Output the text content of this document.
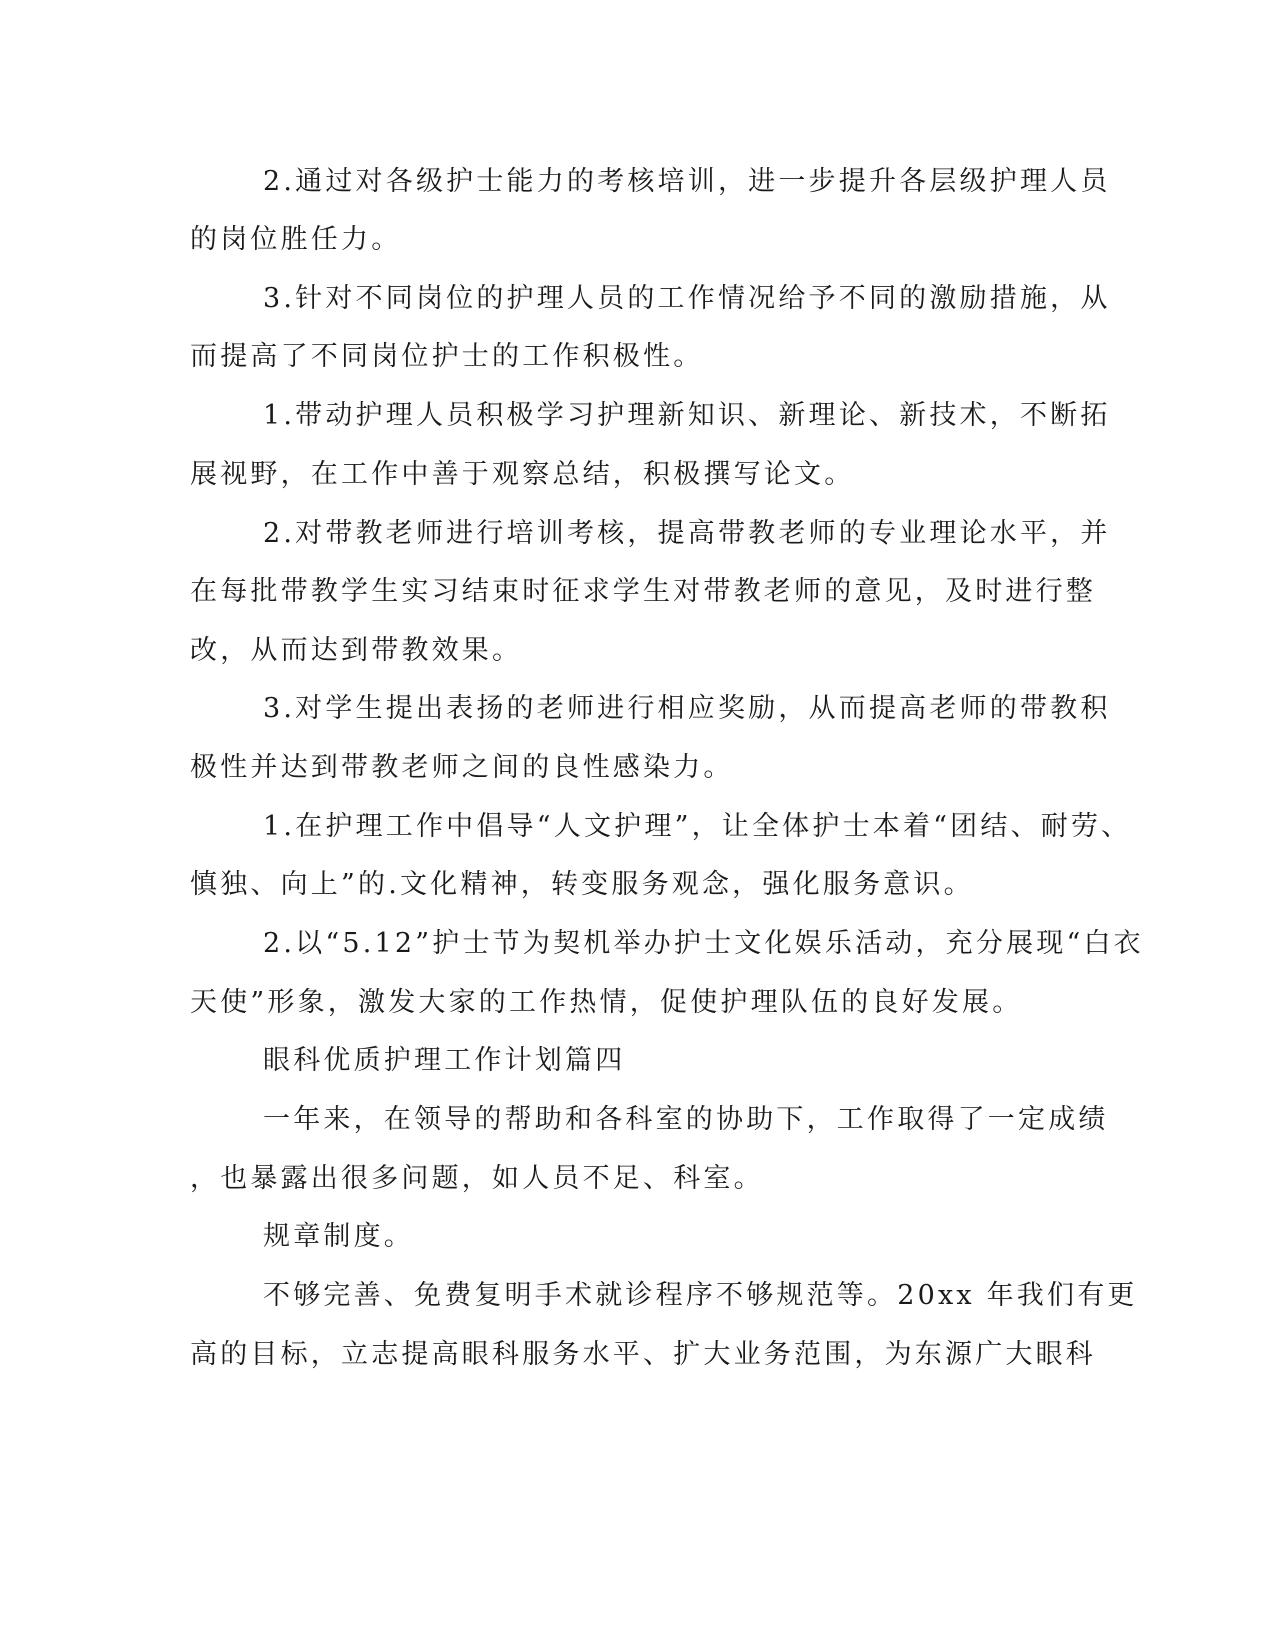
2.通过对各级护士能力的考核培训，进一步提升各层级护理人员

的岗位胜任力。

3.针对不同岗位的护理人员的工作情况给予不同的激励措施，从

而提高了不同岗位护士的工作积极性。

1.带动护理人员积极学习护理新知识、新理论、新技术，不断拓

展视野，在工作中善于观察总结，积极撰写论文。

2.对带教老师进行培训考核，提高带教老师的专业理论水平，并

在每批带教学生实习结束时征求学生对带教老师的意见，及时进行整

改，从而达到带教效果。

3.对学生提出表扬的老师进行相应奖励，从而提高老师的带教积

极性并达到带教老师之间的良性感染力。

1.在护理工作中倡导“人文护理”，让全体护士本着“团结、耐劳、

慎独、向上”的.文化精神，转变服务观念，强化服务意识。

2.以“5.12”护士节为契机举办护士文化娱乐活动，充分展现“白衣

天使”形象，激发大家的工作热情，促使护理队伍的良好发展。

眼科优质护理工作计划篇四

一年来，在领导的帮助和各科室的协助下，工作取得了一定成绩

，也暴露出很多问题，如人员不足、科室。

规章制度。

不够完善、免费复明手术就诊程序不够规范等。20xx 年我们有更

高的目标，立志提高眼科服务水平、扩大业务范围，为东源广大眼科
